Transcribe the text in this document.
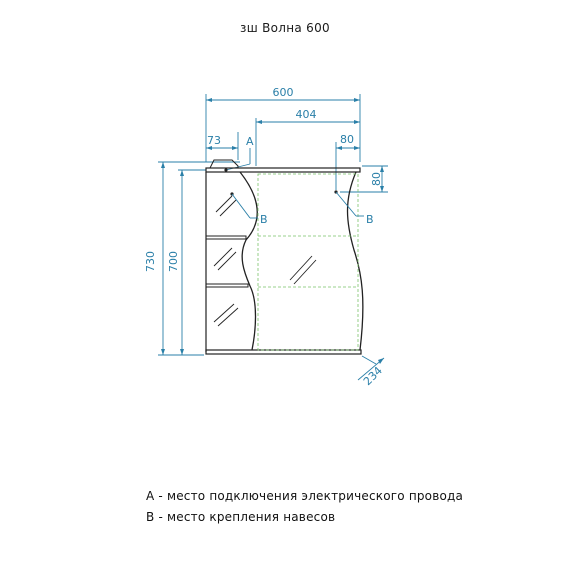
зш Волна 600
600
404
73 A	80
80
730 700
234
B	B
А - место подключения электрического провода
В - место крепления навесов
